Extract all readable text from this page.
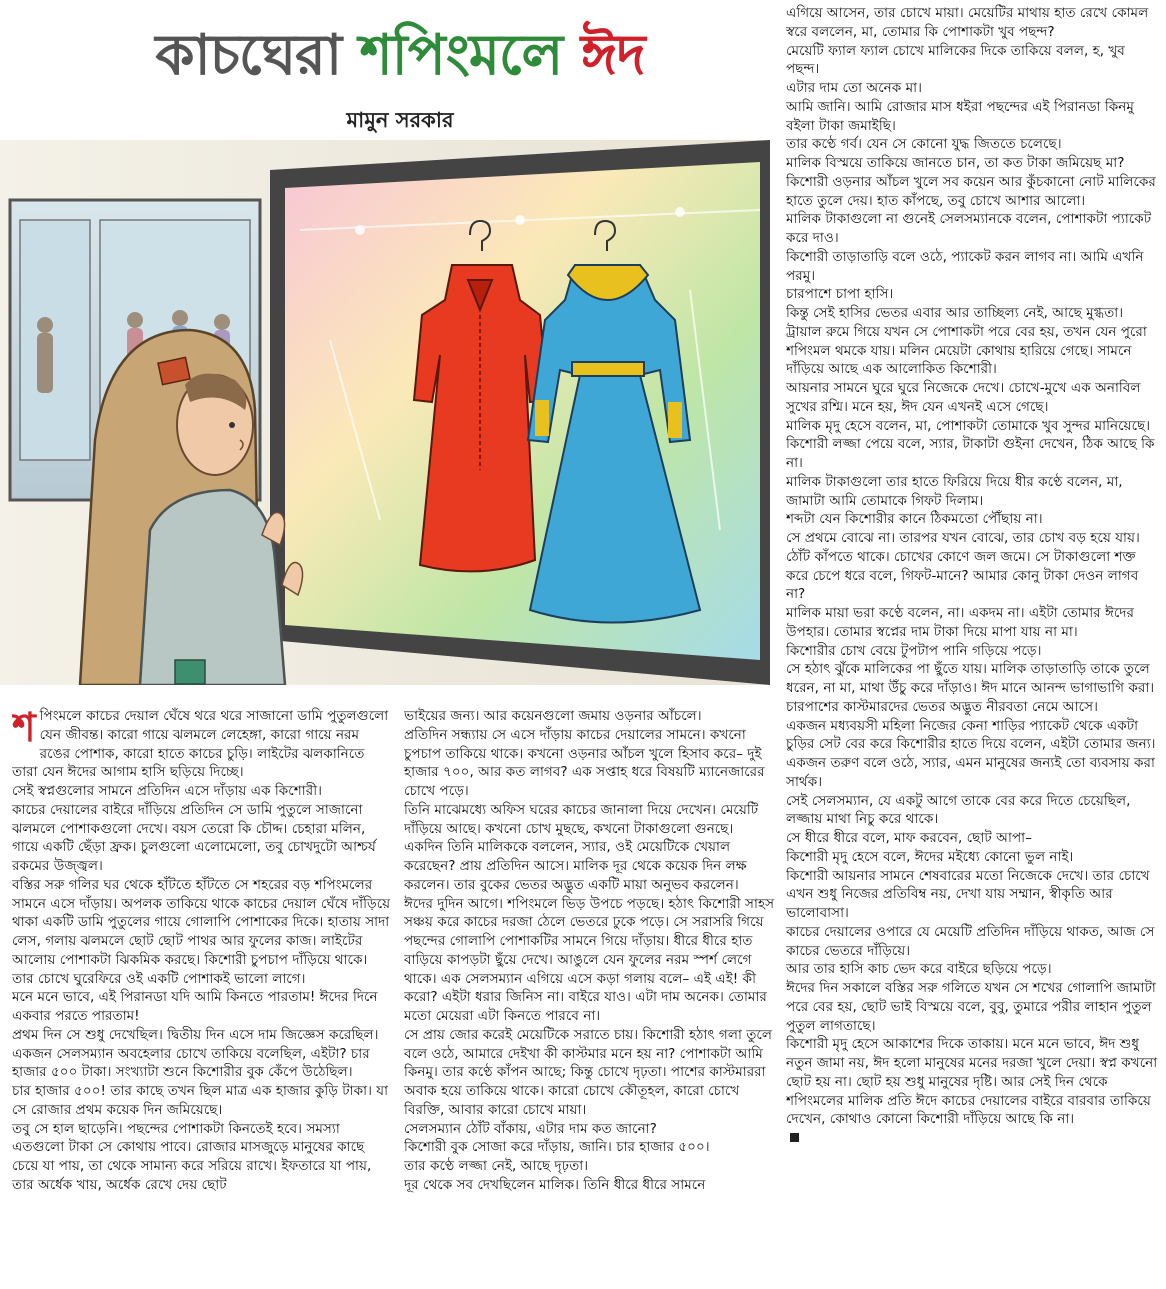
কাচঘেরা শপিংমলে ঈদ

মামুন সরকার

শপিংমলে কাচের দেয়াল ঘেঁষে থরে থরে সাজানো ডামি পুতুলগুলো যেন জীবন্ত। কারো গায়ে ঝলমলে লেহেঙ্গা, কারো গায়ে নরম রঙের পোশাক, কারো হাতে কাচের চুড়ি। লাইটের ঝলকানিতে তারা যেন ঈদের আগাম হাসি ছড়িয়ে দিচ্ছে।

সেই স্বপ্নগুলোর সামনে প্রতিদিন এসে দাঁড়ায় এক কিশোরী।

কাচের দেয়ালের বাইরে দাঁড়িয়ে প্রতিদিন সে ডামি পুতুলে সাজানো ঝলমলে পোশাকগুলো দেখে। বয়স তেরো কি চৌদ্দ। চেহারা মলিন, গায়ে একটি ছেঁড়া ফ্রক। চুলগুলো এলোমেলো, তবু চোখদুটো আশ্চর্য রকমের উজ্জ্বল।

বস্তির সরু গলির ঘর থেকে হাঁটতে হাঁটতে সে শহরের বড় শপিংমলের সামনে এসে দাঁড়ায়। অপলক তাকিয়ে থাকে কাচের দেয়াল ঘেঁষে দাঁড়িয়ে থাকা একটি ডামি পুতুলের গায়ে গোলাপি পোশাকের দিকে। হাতায় সাদা লেস, গলায় ঝলমলে ছোট ছোট পাথর আর ফুলের কাজ। লাইটের আলোয় পোশাকটা ঝিকমিক করছে। কিশোরী চুপচাপ দাঁড়িয়ে থাকে। তার চোখে ঘুরেফিরে ওই একটি পোশাকই ভালো লাগে।

মনে মনে ভাবে, এই পিরানডা যদি আমি কিনতে পারতাম! ঈদের দিনে একবার পরতে পারতাম!

প্রথম দিন সে শুধু দেখেছিল। দ্বিতীয় দিন এসে দাম জিজ্ঞেস করেছিল। একজন সেলসম্যান অবহেলার চোখে তাকিয়ে বলেছিল, এইটা? চার হাজার ৫০০ টাকা। সংখ্যাটা শুনে কিশোরীর বুক কেঁপে উঠেছিল।

চার হাজার ৫০০! তার কাছে তখন ছিল মাত্র এক হাজার কুড়ি টাকা। যা সে রোজার প্রথম কয়েক দিন জমিয়েছে।

তবু সে হাল ছাড়েনি। পছন্দের পোশাকটা কিনতেই হবে। সমস্যা এতগুলো টাকা সে কোথায় পাবে। রোজার মাসজুড়ে মানুষের কাছে চেয়ে যা পায়, তা থেকে সামান্য করে সরিয়ে রাখে। ইফতারে যা পায়, তার অর্ধেক খায়, অর্ধেক রেখে দেয় ছোট

ভাইয়ের জন্য। আর কয়েনগুলো জমায় ওড়নার আঁচলে।

প্রতিদিন সন্ধ্যায় সে এসে দাঁড়ায় কাচের দেয়ালের সামনে। কখনো চুপচাপ তাকিয়ে থাকে। কখনো ওড়নার আঁচল খুলে হিসাব করে– দুই হাজার ৭০০, আর কত লাগব? এক সপ্তাহ ধরে বিষয়টি ম্যানেজারের চোখে পড়ে।

তিনি মাঝেমধ্যে অফিস ঘরের কাচের জানালা দিয়ে দেখেন। মেয়েটি দাঁড়িয়ে আছে। কখনো চোখ মুছছে, কখনো টাকাগুলো গুনছে। একদিন তিনি মালিককে বললেন, স্যার, ওই মেয়েটিকে খেয়াল করেছেন? প্রায় প্রতিদিন আসে। মালিক দূর থেকে কয়েক দিন লক্ষ করলেন। তার বুকের ভেতর অদ্ভুত একটি মায়া অনুভব করলেন।

ঈদের দুদিন আগে। শপিংমলে ভিড় উপচে পড়ছে। হঠাৎ কিশোরী সাহস সঞ্চয় করে কাচের দরজা ঠেলে ভেতরে ঢুকে পড়ে। সে সরাসরি গিয়ে পছন্দের গোলাপি পোশাকটির সামনে গিয়ে দাঁড়ায়। ধীরে ধীরে হাত বাড়িয়ে কাপড়টা ছুঁয়ে দেখে। আঙুলে যেন ফুলের নরম স্পর্শ লেগে থাকে। এক সেলসম্যান এগিয়ে এসে কড়া গলায় বলে– এই এই! কী করো? এইটা ধরার জিনিস না। বাইরে যাও। এটা দাম অনেক। তোমার মতো মেয়েরা এটা কিনতে পারবে না।

সে প্রায় জোর করেই মেয়েটিকে সরাতে চায়। কিশোরী হঠাৎ গলা তুলে বলে ওঠে, আমারে দেইখা কী কাস্টমার মনে হয় না? পোশাকটা আমি কিনমু। তার কণ্ঠে কাঁপন আছে; কিন্তু চোখে দৃঢ়তা। পাশের কাস্টমাররা অবাক হয়ে তাকিয়ে থাকে। কারো চোখে কৌতূহল, কারো চোখে বিরক্তি, আবার কারো চোখে মায়া।

সেলসম্যান ঠোঁট বাঁকায়, এটার দাম কত জানো?

কিশোরী বুক সোজা করে দাঁড়ায়, জানি। চার হাজার ৫০০।

তার কণ্ঠে লজ্জা নেই, আছে দৃঢ়তা।

দূর থেকে সব দেখছিলেন মালিক। তিনি ধীরে ধীরে সামনে

এগিয়ে আসেন, তার চোখে মায়া। মেয়েটির মাথায় হাত রেখে কোমল স্বরে বললেন, মা, তোমার কি পোশাকটা খুব পছন্দ?

মেয়েটি ফ্যাল ফ্যাল চোখে মালিকের দিকে তাকিয়ে বলল, হ, খুব পছন্দ।

এটার দাম তো অনেক মা।

আমি জানি। আমি রোজার মাস ধইরা পছন্দের এই পিরানডা কিনমু বইলা টাকা জমাইছি।

তার কণ্ঠে গর্ব। যেন সে কোনো যুদ্ধ জিততে চলেছে।

মালিক বিস্ময়ে তাকিয়ে জানতে চান, তা কত টাকা জমিয়েছ মা?

কিশোরী ওড়নার আঁচল খুলে সব কয়েন আর কুঁচকানো নোট মালিকের হাতে তুলে দেয়। হাত কাঁপছে, তবু চোখে আশার আলো।

মালিক টাকাগুলো না গুনেই সেলসম্যানকে বলেন, পোশাকটা প্যাকেট করে দাও।

কিশোরী তাড়াতাড়ি বলে ওঠে, প্যাকেট করন লাগব না। আমি এখনি পরমু।

চারপাশে চাপা হাসি।

কিন্তু সেই হাসির ভেতর এবার আর তাচ্ছিল্য নেই, আছে মুগ্ধতা।

ট্রায়াল রুমে গিয়ে যখন সে পোশাকটা পরে বের হয়, তখন যেন পুরো শপিংমল থমকে যায়। মলিন মেয়েটা কোথায় হারিয়ে গেছে। সামনে দাঁড়িয়ে আছে এক আলোকিত কিশোরী।

আয়নার সামনে ঘুরে ঘুরে নিজেকে দেখে। চোখে-মুখে এক অনাবিল সুখের রশ্মি। মনে হয়, ঈদ যেন এখনই এসে গেছে।

মালিক মৃদু হেসে বলেন, মা, পোশাকটা তোমাকে খুব সুন্দর মানিয়েছে।

কিশোরী লজ্জা পেয়ে বলে, স্যার, টাকাটা গুইনা দেখেন, ঠিক আছে কি না।

মালিক টাকাগুলো তার হাতে ফিরিয়ে দিয়ে ধীর কণ্ঠে বলেন, মা, জামাটা আমি তোমাকে গিফট দিলাম।

শব্দটা যেন কিশোরীর কানে ঠিকমতো পৌঁছায় না।

সে প্রথমে বোঝে না। তারপর যখন বোঝে, তার চোখ বড় হয়ে যায়। ঠোঁট কাঁপতে থাকে। চোখের কোণে জল জমে। সে টাকাগুলো শক্ত করে চেপে ধরে বলে, গিফট-মানে? আমার কোনু টাকা দেওন লাগব না?

মালিক মায়া ভরা কণ্ঠে বলেন, না। একদম না। এইটা তোমার ঈদের উপহার। তোমার স্বপ্নের দাম টাকা দিয়ে মাপা যায় না মা।

কিশোরীর চোখ বেয়ে টুপটাপ পানি গড়িয়ে পড়ে।

সে হঠাৎ ঝুঁকে মালিকের পা ছুঁতে যায়। মালিক তাড়াতাড়ি তাকে তুলে ধরেন, না মা, মাথা উঁচু করে দাঁড়াও। ঈদ মানে আনন্দ ভাগাভাগি করা।

চারপাশের কাস্টমারদের ভেতর অদ্ভুত নীরবতা নেমে আসে।

একজন মধ্যবয়সী মহিলা নিজের কেনা শাড়ির প্যাকেট থেকে একটা চুড়ির সেট বের করে কিশোরীর হাতে দিয়ে বলেন, এইটা তোমার জন্য।

একজন তরুণ বলে ওঠে, স্যার, এমন মানুষের জন্যই তো ব্যবসায় করা সার্থক।

সেই সেলসম্যান, যে একটু আগে তাকে বের করে দিতে চেয়েছিল, লজ্জায় মাথা নিচু করে থাকে।

সে ধীরে ধীরে বলে, মাফ করবেন, ছোট আপা–

কিশোরী মৃদু হেসে বলে, ঈদের মইধ্যে কোনো ভুল নাই।

কিশোরী আয়নার সামনে শেষবারের মতো নিজেকে দেখে। তার চোখে এখন শুধু নিজের প্রতিবিম্ব নয়, দেখা যায় সম্মান, স্বীকৃতি আর ভালোবাসা।

কাচের দেয়ালের ওপারে যে মেয়েটি প্রতিদিন দাঁড়িয়ে থাকত, আজ সে কাচের ভেতরে দাঁড়িয়ে।

আর তার হাসি কাচ ভেদ করে বাইরে ছড়িয়ে পড়ে।

ঈদের দিন সকালে বস্তির সরু গলিতে যখন সে শখের গোলাপি জামাটা পরে বের হয়, ছোট ভাই বিস্ময়ে বলে, বুবু, তুমারে পরীর লাহান পুতুল পুতুল লাগতাছে।

কিশোরী মৃদু হেসে আকাশের দিকে তাকায়। মনে মনে ভাবে, ঈদ শুধু নতুন জামা নয়, ঈদ হলো মানুষের মনের দরজা খুলে দেয়া। স্বপ্ন কখনো ছোট হয় না। ছোট হয় শুধু মানুষের দৃষ্টি। আর সেই দিন থেকে শপিংমলের মালিক প্রতি ঈদে কাচের দেয়ালের বাইরে বারবার তাকিয়ে দেখেন, কোথাও কোনো কিশোরী দাঁড়িয়ে আছে কি না।
